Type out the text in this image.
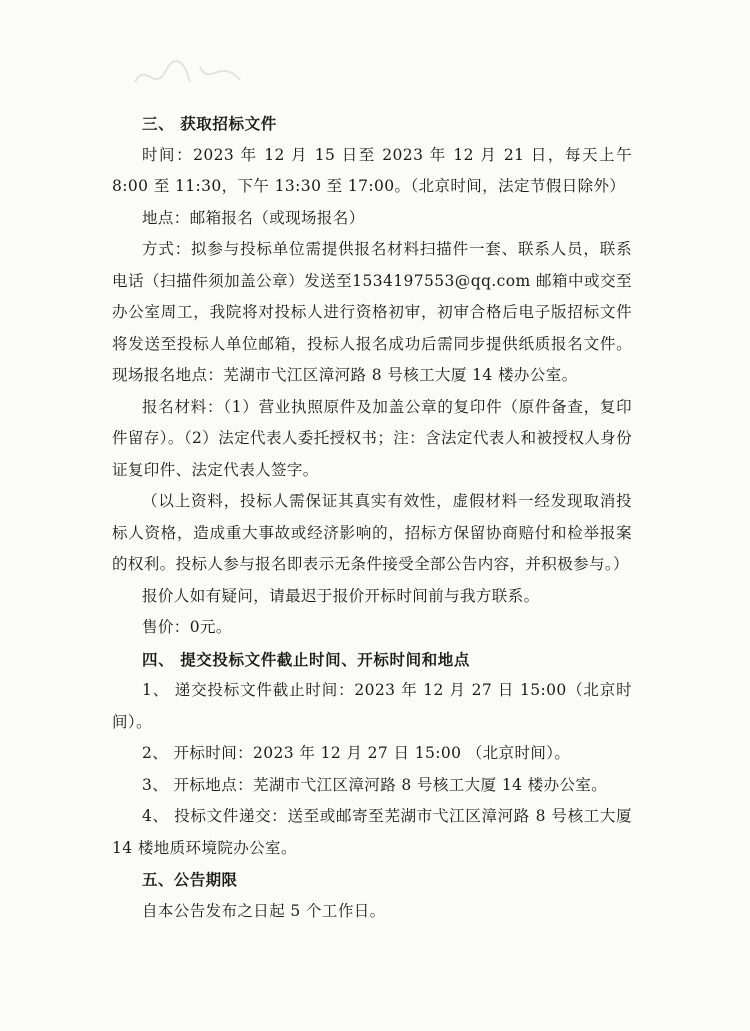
三、 获取招标文件

时间：2023 年 12 月 15 日至 2023 年 12 月 21 日，每天上午 8:00 至 11:30，下午 13:30 至 17:00。（北京时间，法定节假日除外）

地点：邮箱报名（或现场报名）

方式：拟参与投标单位需提供报名材料扫描件一套、联系人员，联系电话（扫描件须加盖公章）发送至1534197553@qq.com 邮箱中或交至办公室周工，我院将对投标人进行资格初审，初审合格后电子版招标文件将发送至投标人单位邮箱，投标人报名成功后需同步提供纸质报名文件。现场报名地点：芜湖市弋江区漳河路 8 号核工大厦 14 楼办公室。

报名材料：（1）营业执照原件及加盖公章的复印件（原件备查，复印件留存）。（2）法定代表人委托授权书；注：含法定代表人和被授权人身份证复印件、法定代表人签字。

（以上资料，投标人需保证其真实有效性，虚假材料一经发现取消投标人资格，造成重大事故或经济影响的，招标方保留协商赔付和检举报案的权利。投标人参与报名即表示无条件接受全部公告内容，并积极参与。）

报价人如有疑问，请最迟于报价开标时间前与我方联系。

售价：0元。

四、 提交投标文件截止时间、开标时间和地点

1、 递交投标文件截止时间：2023 年 12 月 27 日 15:00（北京时间）。

2、 开标时间：2023 年 12 月 27 日 15:00 （北京时间）。

3、 开标地点：芜湖市弋江区漳河路 8 号核工大厦 14 楼办公室。

4、 投标文件递交：送至或邮寄至芜湖市弋江区漳河路 8 号核工大厦 14 楼地质环境院办公室。

五、公告期限

自本公告发布之日起 5 个工作日。
